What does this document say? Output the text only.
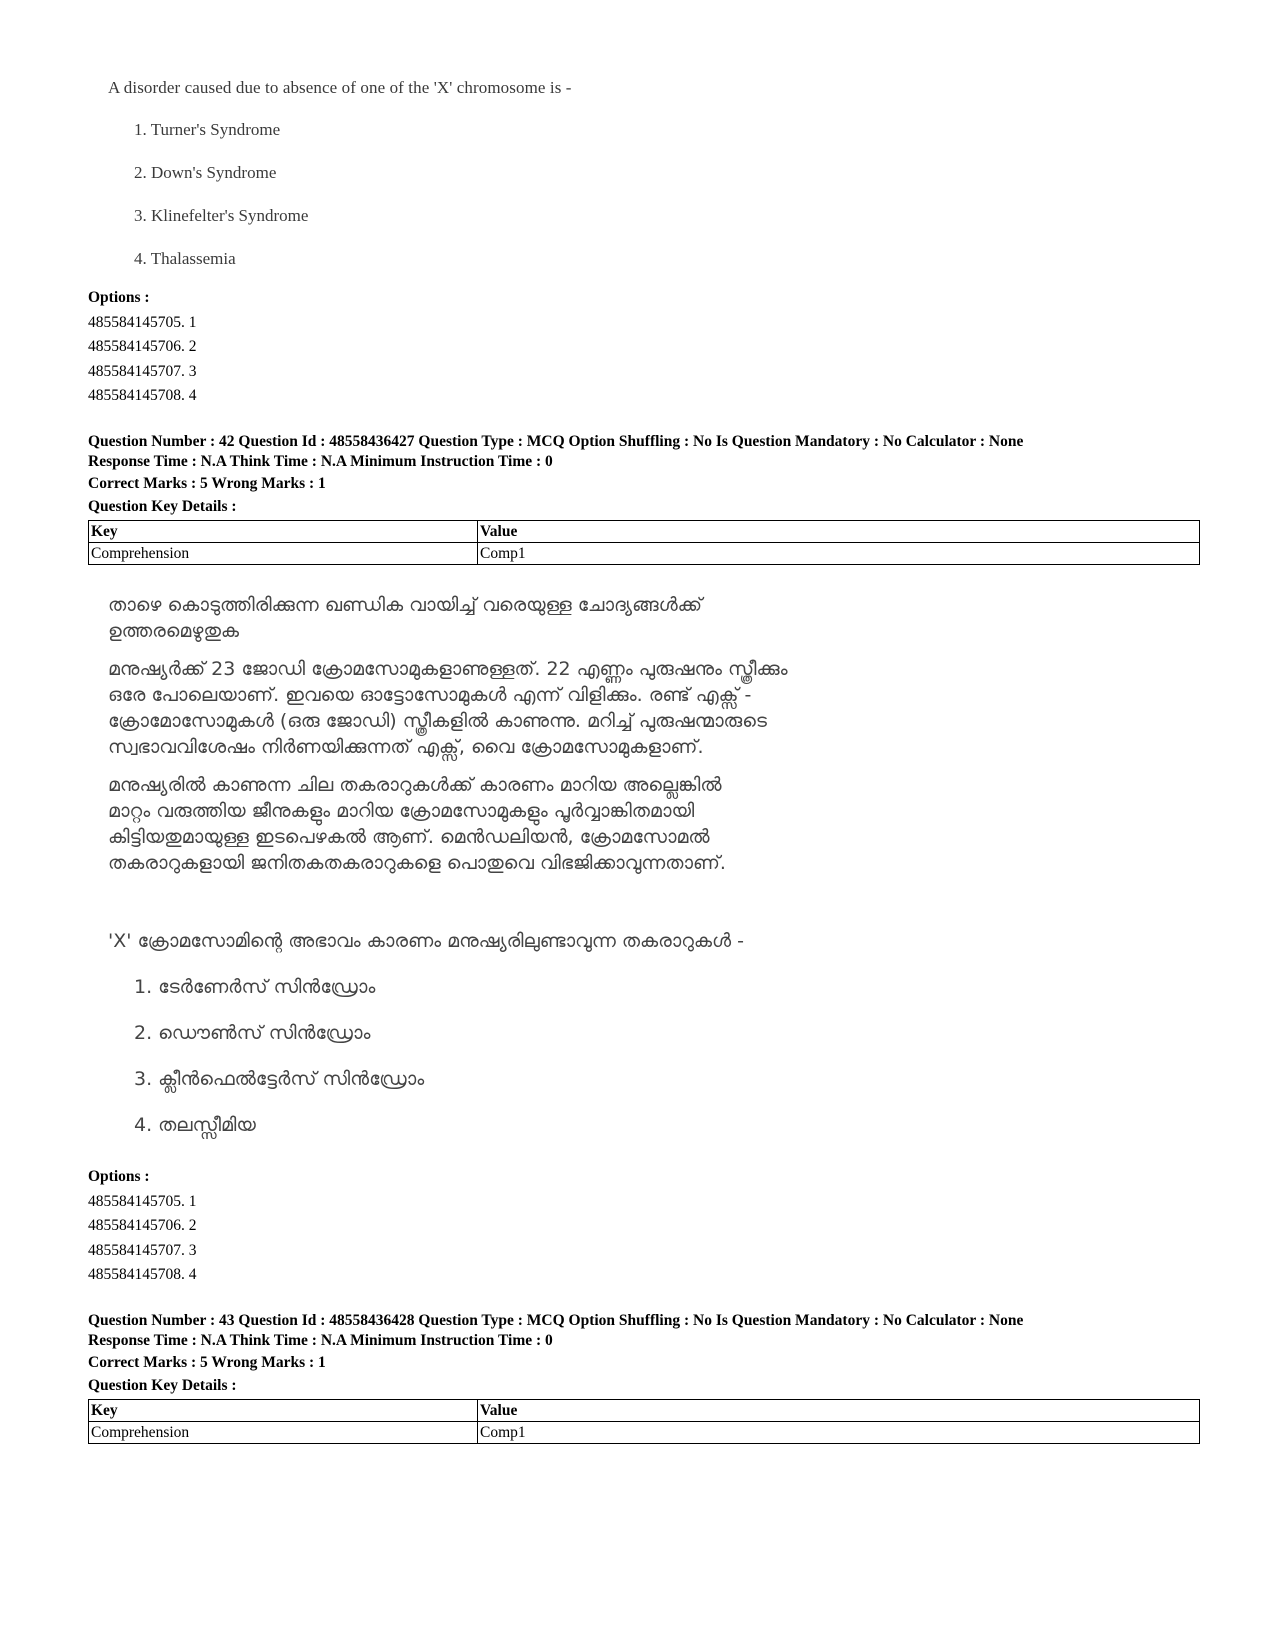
A disorder caused due to absence of one of the 'X' chromosome is -
1. Turner's Syndrome
2. Down's Syndrome
3. Klinefelter's Syndrome
4. Thalassemia
Options :
485584145705. 1
485584145706. 2
485584145707. 3
485584145708. 4
Question Number : 42 Question Id : 48558436427 Question Type : MCQ Option Shuffling : No Is Question Mandatory : No Calculator : None
Response Time : N.A Think Time : N.A Minimum Instruction Time : 0
Correct Marks : 5 Wrong Marks : 1
Question Key Details :
Key	Value
Comprehension	Comp1

താഴെ കൊടുത്തിരിക്കുന്ന ഖണ്ഡിക വായിച്ച് വരെയുള്ള ചോദ്യങ്ങൾക്ക്

ഉത്തരമെഴുതുക

മനുഷ്യർക്ക് 23 ജോഡി ക്രോമസോമുകളാണുള്ളത്. 22 എണ്ണം പുരുഷനും സ്ത്രീക്കും

ഒരേ പോലെയാണ്. ഇവയെ ഓട്ടോസോമുകൾ എന്ന് വിളിക്കും. രണ്ട് എക്സ് -

ക്രോമോസോമുകൾ (ഒരു ജോഡി) സ്ത്രീകളിൽ കാണുന്നു. മറിച്ച് പുരുഷന്മാരുടെ

സ്വഭാവവിശേഷം നിർണയിക്കുന്നത് എക്സ്, വൈ ക്രോമസോമുകളാണ്.

മനുഷ്യരിൽ കാണുന്ന ചില തകരാറുകൾക്ക് കാരണം മാറിയ അല്ലെങ്കിൽ

മാറ്റം വരുത്തിയ ജീനുകളും മാറിയ ക്രോമസോമുകളും പൂർവ്വാങ്കിതമായി

കിട്ടിയതുമായുള്ള ഇടപെഴകൽ ആണ്. മെൻഡലിയൻ, ക്രോമസോമൽ

തകരാറുകളായി ജനിതകതകരാറുകളെ പൊതുവെ വിഭജിക്കാവുന്നതാണ്.

'X' ക്രോമസോമിന്റെ അഭാവം കാരണം മനുഷ്യരിലുണ്ടാവുന്ന തകരാറുകൾ -
1. ടേർണേർസ് സിൻഡ്രോം
2. ഡൌൺസ് സിൻഡ്രോം
3. ക്ലീൻഫെൽട്ടേർസ് സിൻഡ്രോം
4. തലസ്സീമിയ
Options :
485584145705. 1
485584145706. 2
485584145707. 3
485584145708. 4
Question Number : 43 Question Id : 48558436428 Question Type : MCQ Option Shuffling : No Is Question Mandatory : No Calculator : None
Response Time : N.A Think Time : N.A Minimum Instruction Time : 0
Correct Marks : 5 Wrong Marks : 1
Question Key Details :
Key	Value
Comprehension	Comp1
